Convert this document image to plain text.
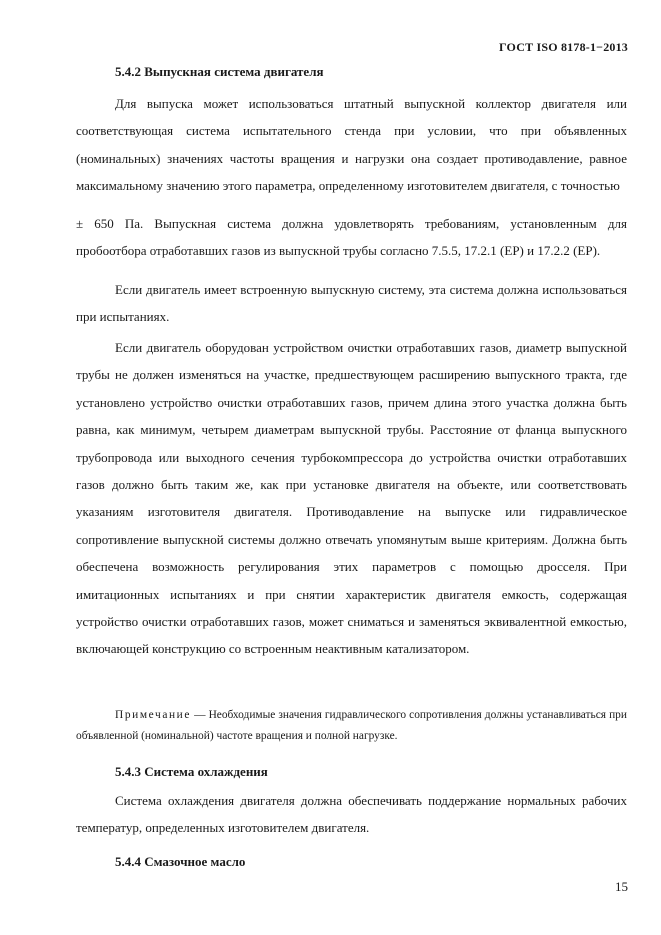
ГОСТ ISO 8178-1−2013
5.4.2 Выпускная система двигателя

Для выпуска может использоваться штатный выпускной коллектор двигателя или соответствующая система испытательного стенда при условии, что при объявленных (номинальных) значениях частоты вращения и нагрузки она создает противодавление, равное максимальному значению этого параметра, определенному изготовителем двигателя, с точностью

± 650 Па. Выпускная система должна удовлетворять требованиям, установленным для пробоотбора отработавших газов из выпускной трубы согласно 7.5.5, 17.2.1 (ЕР) и 17.2.2 (ЕР).

Если двигатель имеет встроенную выпускную систему, эта система должна использоваться при испытаниях.

Если двигатель оборудован устройством очистки отработавших газов, диаметр выпускной трубы не должен изменяться на участке, предшествующем расширению выпускного тракта, где установлено устройство очистки отработавших газов, причем длина этого участка должна быть равна, как минимум, четырем диаметрам выпускной трубы. Расстояние от фланца выпускного трубопровода или выходного сечения турбокомпрессора до устройства очистки отработавших газов должно быть таким же, как при установке двигателя на объекте, или соответствовать указаниям изготовителя двигателя. Противодавление на выпуске или гидравлическое сопротивление выпускной системы должно отвечать упомянутым выше критериям. Должна быть обеспечена возможность регулирования этих параметров с помощью дросселя. При имитационных испытаниях и при снятии характеристик двигателя емкость, содержащая устройство очистки отработавших газов, может сниматься и заменяться эквивалентной емкостью, включающей конструкцию со встроенным неактивным катализатором.

Примечание — Необходимые значения гидравлического сопротивления должны устанавливаться при объявленной (номинальной) частоте вращения и полной нагрузке.

5.4.3 Система охлаждения

Система охлаждения двигателя должна обеспечивать поддержание нормальных рабочих температур, определенных изготовителем двигателя.

5.4.4 Смазочное масло
15
